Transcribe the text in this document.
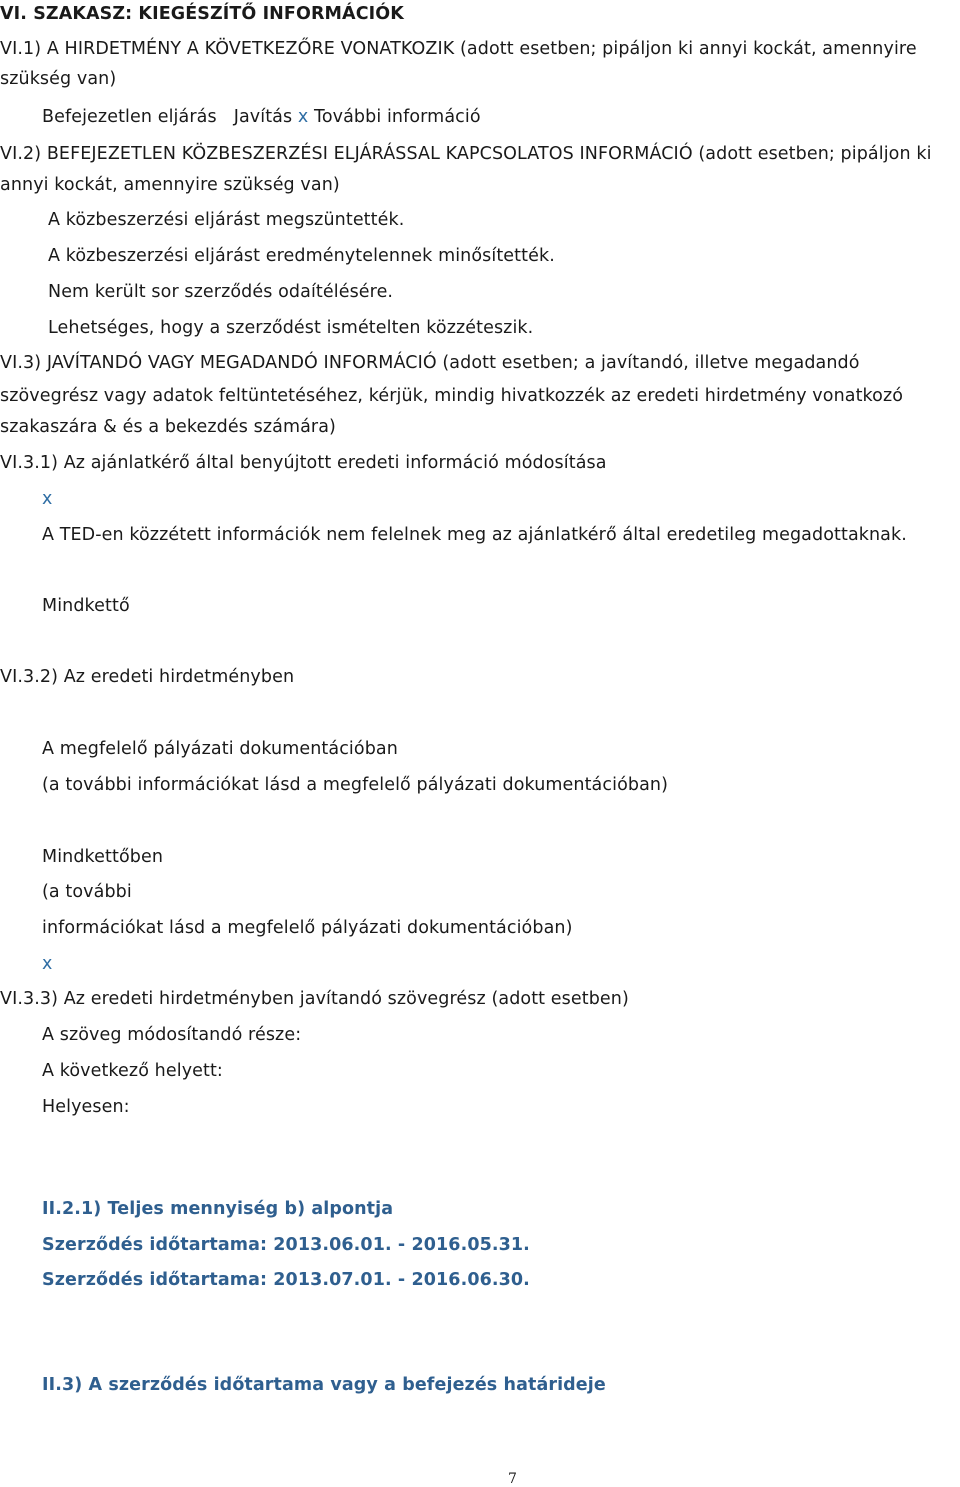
VI. SZAKASZ: KIEGÉSZÍTŐ INFORMÁCIÓK
VI.1) A HIRDETMÉNY A KÖVETKEZŐRE VONATKOZIK (adott esetben; pipáljon ki annyi kockát, amennyire
szükség van)
Befejezetlen eljárás Javítás x További információ
VI.2) BEFEJEZETLEN KÖZBESZERZÉSI ELJÁRÁSSAL KAPCSOLATOS INFORMÁCIÓ (adott esetben; pipáljon ki
annyi kockát, amennyire szükség van)
A közbeszerzési eljárást megszüntették.
A közbeszerzési eljárást eredménytelennek minősítették.
Nem került sor szerződés odaítélésére.
Lehetséges, hogy a szerződést ismételten közzéteszik.
VI.3) JAVÍTANDÓ VAGY MEGADANDÓ INFORMÁCIÓ (adott esetben; a javítandó, illetve megadandó
szövegrész vagy adatok feltüntetéséhez, kérjük, mindig hivatkozzék az eredeti hirdetmény vonatkozó
szakaszára & és a bekezdés számára)
VI.3.1) Az ajánlatkérő által benyújtott eredeti információ módosítása
x
A TED-en közzétett információk nem felelnek meg az ajánlatkérő által eredetileg megadottaknak.
Mindkettő
VI.3.2) Az eredeti hirdetményben
A megfelelő pályázati dokumentációban
(a további információkat lásd a megfelelő pályázati dokumentációban)
Mindkettőben
(a további
információkat lásd a megfelelő pályázati dokumentációban)
x
VI.3.3) Az eredeti hirdetményben javítandó szövegrész (adott esetben)
A szöveg módosítandó része:
A következő helyett:
Helyesen:
II.2.1) Teljes mennyiség b) alpontja
Szerződés időtartama: 2013.06.01. - 2016.05.31.
Szerződés időtartama: 2013.07.01. - 2016.06.30.
II.3) A szerződés időtartama vagy a befejezés határideje
7
